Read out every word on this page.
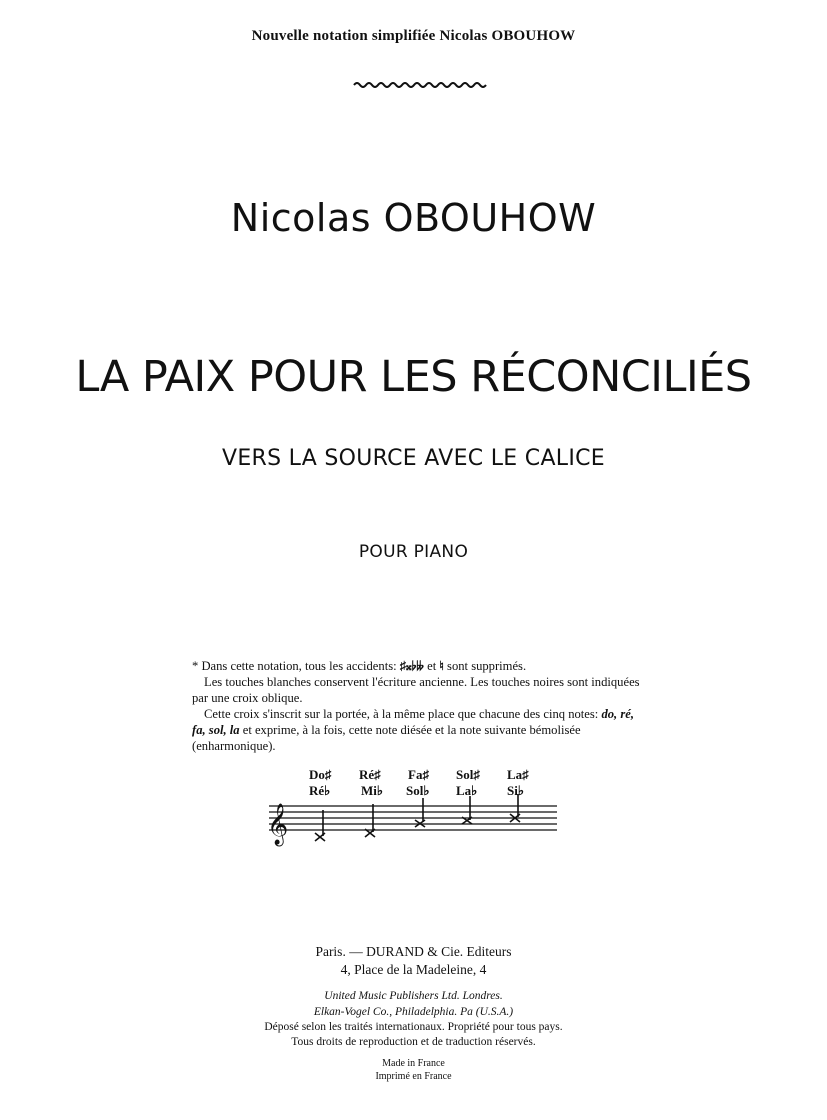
Nouvelle notation simplifiée Nicolas OBOUHOW
Nicolas OBOUHOW
LA PAIX POUR LES RÉCONCILIÉS
VERS LA SOURCE AVEC LE CALICE
POUR PIANO

* Dans cette notation, tous les accidents: ♯𝄪♭𝄫 et ♮ sont supprimés.

Les touches blanches conservent l'écriture ancienne. Les touches noires sont indiquées par une croix oblique.

Cette croix s'inscrit sur la portée, à la même place que chacune des cinq notes: do, ré, fa, sol, la et exprime, à la fois, cette note diésée et la note suivante bémolisée (enharmonique).

Do♯
Ré♭
Ré♯
Mi♭
Fa♯
Sol♭
Sol♯
La♭
La♯
Si♭
𝄞
Paris. — DURAND & Cie. Editeurs
4, Place de la Madeleine, 4
United Music Publishers Ltd. Londres.
Elkan-Vogel Co., Philadelphia. Pa (U.S.A.)
Déposé selon les traités internationaux. Propriété pour tous pays.
Tous droits de reproduction et de traduction réservés.
Made in France
Imprimé en France
